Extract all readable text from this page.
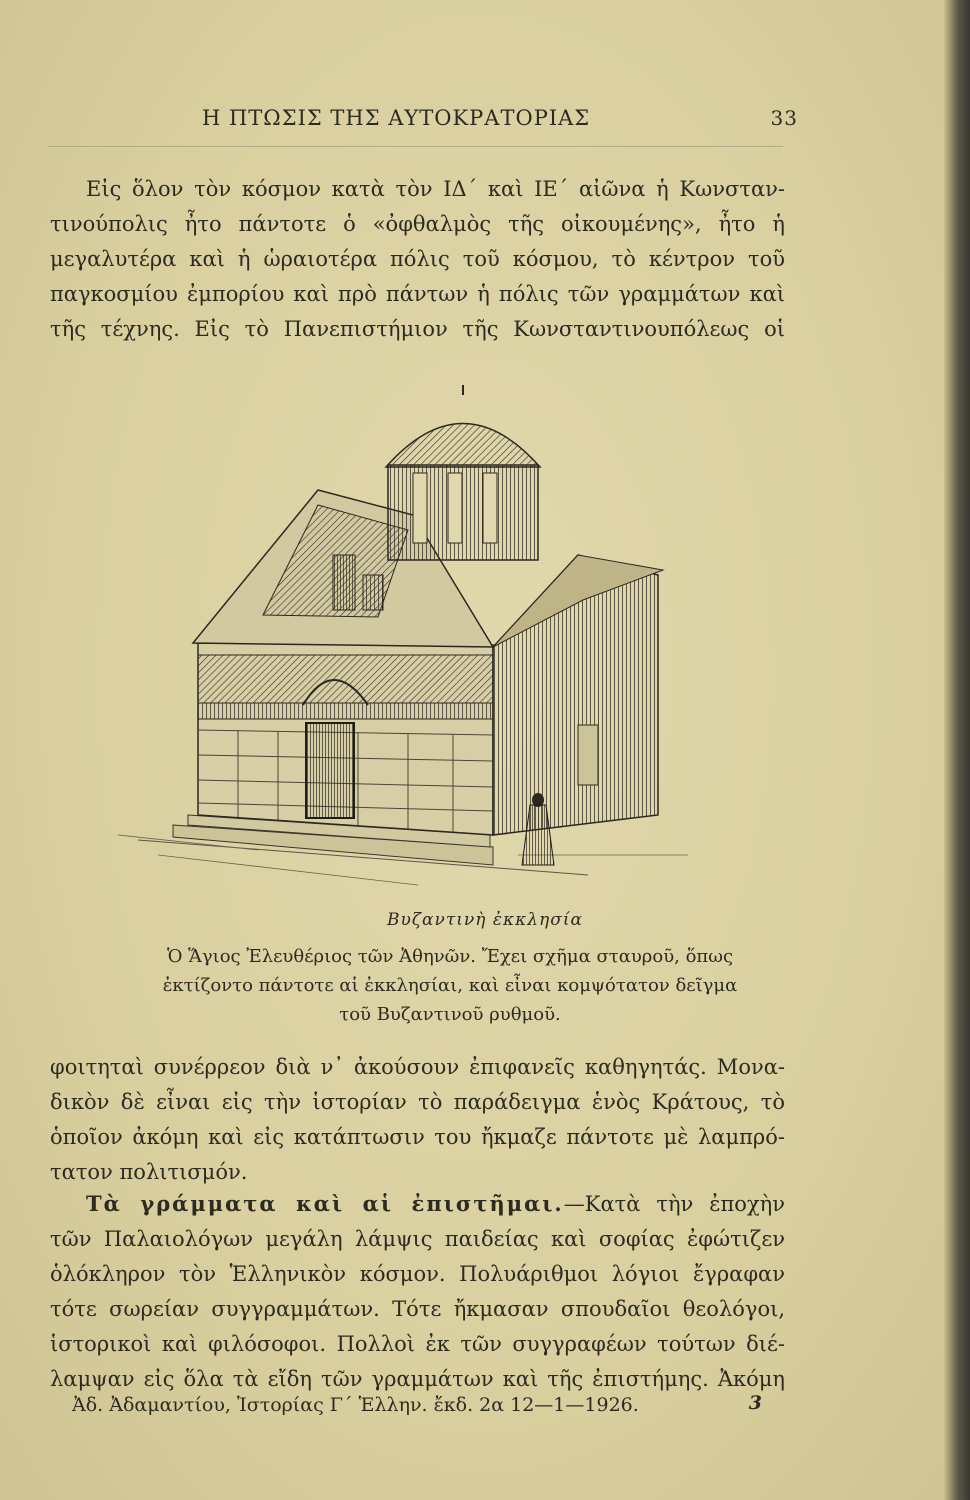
Η ΠΤΩΣΙΣ ΤΗΣ ΑΥΤΟΚΡΑΤΟΡΙΑΣ	33
Εἰς ὅλον τὸν κόσμον κατὰ τὸν ΙΔ΄ καὶ ΙΕ΄ αἰῶνα ἡ Κωνσταν-
τινούπολις ἦτο πάντοτε ὁ «ὀφθαλμὸς τῆς οἰκουμένης», ἦτο ἡ
μεγαλυτέρα καὶ ἡ ὡραιοτέρα πόλις τοῦ κόσμου, τὸ κέντρον τοῦ
παγκοσμίου ἐμπορίου καὶ πρὸ πάντων ἡ πόλις τῶν γραμμάτων καὶ
τῆς τέχνης. Εἰς τὸ Πανεπιστήμιον τῆς Κωνσταντινουπόλεως οἱ
Βυζαντινὴ ἐκκλησία
Ὁ Ἅγιος Ἐλευθέριος τῶν Ἀθηνῶν. Ἔχει σχῆμα σταυροῦ, ὅπως
ἐκτίζοντο πάντοτε αἱ ἐκκλησίαι, καὶ εἶναι κομψότατον δεῖγμα
τοῦ Βυζαντινοῦ ρυθμοῦ.
φοιτηταὶ συνέρρεον διὰ ν᾿ ἀκούσουν ἐπιφανεῖς καθηγητάς. Μονα-
δικὸν δὲ εἶναι εἰς τὴν ἱστορίαν τὸ παράδειγμα ἑνὸς Κράτους, τὸ
ὁποῖον ἀκόμη καὶ εἰς κατάπτωσιν του ἤκμαζε πάντοτε μὲ λαμπρό-
τατον πολιτισμόν.
Τὰ γράμματα καὶ αἱ ἐπιστῆμαι.—Κατὰ τὴν ἐποχὴν
τῶν Παλαιολόγων μεγάλη λάμψις παιδείας καὶ σοφίας ἐφώτιζεν
ὁλόκληρον τὸν Ἑλληνικὸν κόσμον. Πολυάριθμοι λόγιοι ἔγραφαν
τότε σωρείαν συγγραμμάτων. Τότε ἤκμασαν σπουδαῖοι θεολόγοι,
ἱστορικοὶ καὶ φιλόσοφοι. Πολλοὶ ἐκ τῶν συγγραφέων τούτων διέ-
λαμψαν εἰς ὅλα τὰ εἴδη τῶν γραμμάτων καὶ τῆς ἐπιστήμης. Ἀκόμη
Ἀδ. Ἀδαμαντίου, Ἱστορίας Γ΄ Ἑλλην. ἔκδ. 2α 12—1—1926.	3
